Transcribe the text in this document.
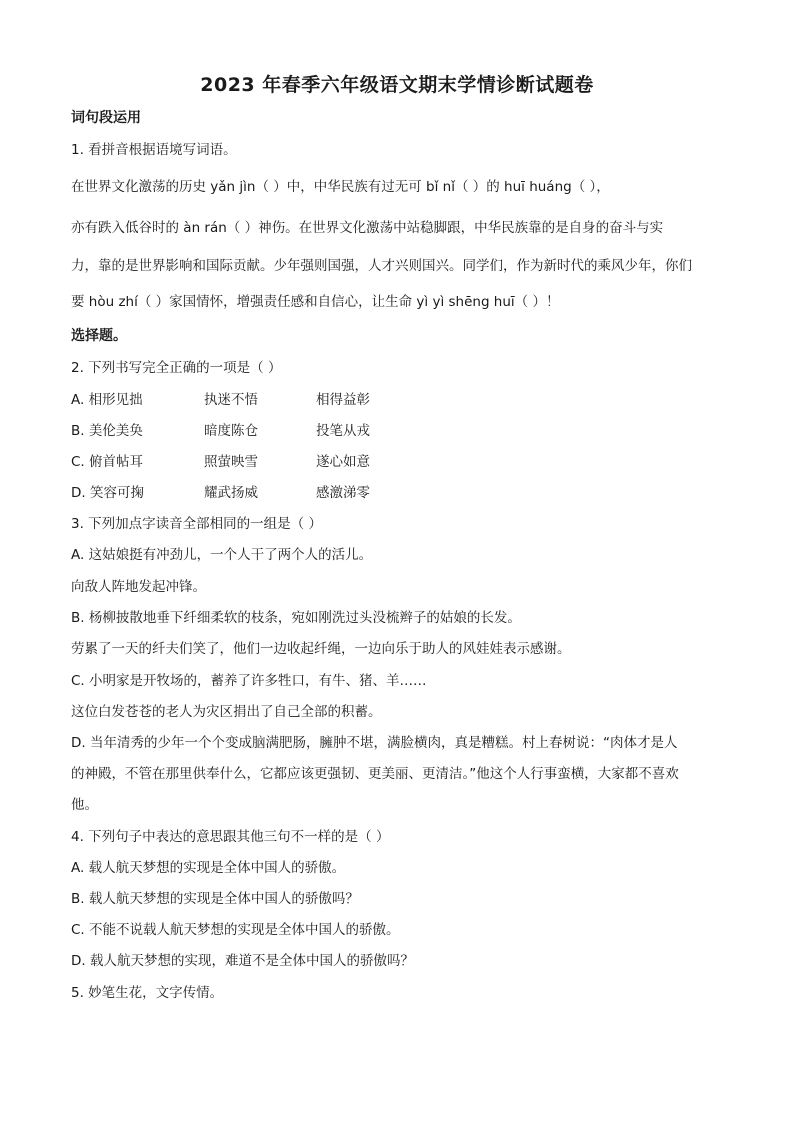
2023 年春季六年级语文期末学情诊断试题卷
词句段运用
1. 看拼音根据语境写词语。
在世界文化激荡的历史 yǎn jìn（ ）中，中华民族有过无可 bǐ nǐ（ ）的 huī huáng（ ），
亦有跌入低谷时的 àn rán（ ）神伤。在世界文化激荡中站稳脚跟，中华民族靠的是自身的奋斗与实
力，靠的是世界影响和国际贡献。少年强则国强，人才兴则国兴。同学们，作为新时代的乘风少年，你们
要 hòu zhí（ ）家国情怀，增强责任感和自信心，让生命 yì yì shēng huī（ ）！
选择题。
2. 下列书写完全正确的一项是（ ）
A. 相形见拙	执迷不悟	相得益彰
B. 美伦美奂	暗度陈仓	投笔从戎
C. 俯首帖耳	照萤映雪	遂心如意
D. 笑容可掬	耀武扬威	感激涕零
3. 下列加点字读音全部相同的一组是（ ）
A. 这姑娘挺有冲劲儿，一个人干了两个人的活儿。
向敌人阵地发起冲锋。
B. 杨柳披散地垂下纤细柔软的枝条，宛如刚洗过头没梳辫子的姑娘的长发。
劳累了一天的纤夫们笑了，他们一边收起纤绳，一边向乐于助人的风娃娃表示感谢。
C. 小明家是开牧场的，蓄养了许多牲口，有牛、猪、羊……
这位白发苍苍的老人为灾区捐出了自己全部的积蓄。
D. 当年清秀的少年一个个变成脑满肥肠，臃肿不堪，满脸横肉，真是糟糕。村上春树说：“肉体才是人
的神殿，不管在那里供奉什么，它都应该更强韧、更美丽、更清洁。”他这个人行事蛮横，大家都不喜欢
他。
4. 下列句子中表达的意思跟其他三句不一样的是（ ）
A. 载人航天梦想的实现是全体中国人的骄傲。
B. 载人航天梦想的实现是全体中国人的骄傲吗？
C. 不能不说载人航天梦想的实现是全体中国人的骄傲。
D. 载人航天梦想的实现，难道不是全体中国人的骄傲吗？
5. 妙笔生花，文字传情。
